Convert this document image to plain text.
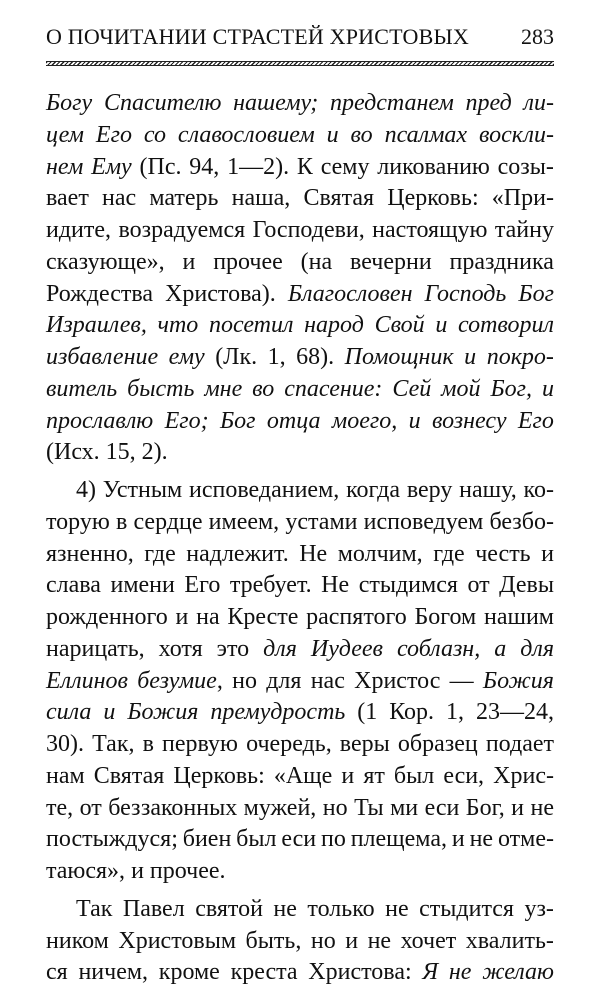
О ПОЧИТАНИИ СТРАСТЕЙ ХРИСТОВЫХ 283
Богу Спасителю нашему; предстанем пред ли-
цем Его со славословием и во псалмах воскли-
нем Ему (Пс. 94, 1—2). К сему ликованию созы-
вает нас матерь наша, Святая Церковь: «При-
идите, возрадуемся Господеви, настоящую тайну
сказующе», и прочее (на вечерни праздника
Рождества Христова). Благословен Господь Бог
Израилев, что посетил народ Свой и сотворил
избавление ему (Лк. 1, 68). Помощник и покро-
витель бысть мне во спасение: Сей мой Бог, и
прославлю Его; Бог отца моего, и вознесу Его
(Исх. 15, 2).
4) Устным исповеданием, когда веру нашу, ко-
торую в сердце имеем, устами исповедуем безбо-
язненно, где надлежит. Не молчим, где честь и
слава имени Его требует. Не стыдимся от Девы
рожденного и на Кресте распятого Богом нашим
нарицать, хотя это для Иудеев соблазн, а для
Еллинов безумие, но для нас Христос — Божия
сила и Божия премудрость (1 Кор. 1, 23—24,
30). Так, в первую очередь, веры образец подает
нам Святая Церковь: «Аще и ят был еси, Хрис-
те, от беззаконных мужей, но Ты ми еси Бог, и не
постыждуся; биен был еси по плещема, и не отме-
таюся», и прочее.
Так Павел святой не только не стыдится уз-
ником Христовым быть, но и не хочет хвалить-
ся ничем, кроме креста Христова: Я не желаю
